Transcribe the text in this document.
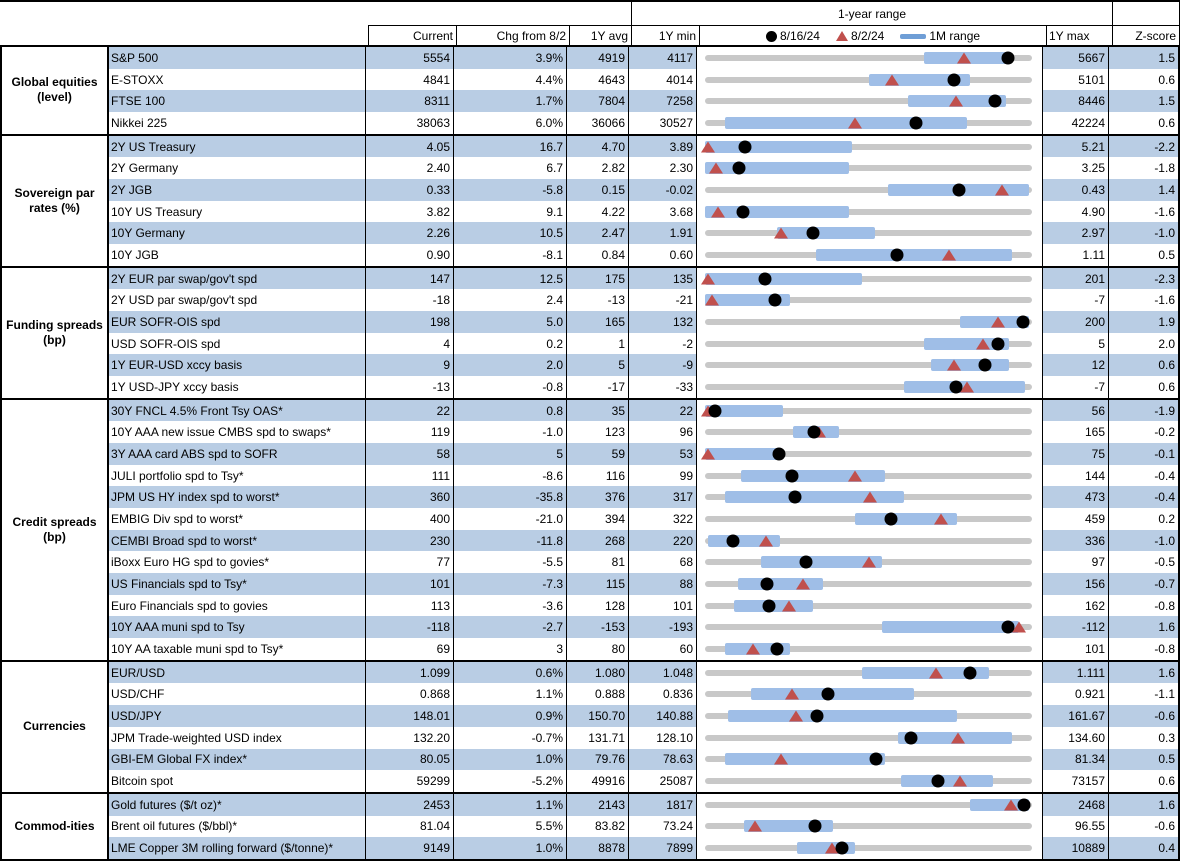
1-year range
Current	Chg from 8/2 1Y avg	1Y min	8/16/24	8/2/24	1M range	1Y max	Z-score
Global equities (level)
S&P 500	5554	3.9%	4919	4117	5667	1.5
E-STOXX	4841	4.4%	4643	4014	5101	0.6
FTSE 100	8311	1.7%	7804	7258	8446	1.5
Nikkei 225	38063	6.0% 36066	30527	42224	0.6
Sovereign par rates (%)
2Y US Treasury	4.05	16.7	4.70	3.89	5.21	-2.2
2Y Germany	2.40	6.7	2.82	2.30	3.25	-1.8
2Y JGB	0.33	-5.8	0.15	-0.02	0.43	1.4
10Y US Treasury	3.82	9.1	4.22	3.68	4.90	-1.6
10Y Germany	2.26	10.5	2.47	1.91	2.97	-1.0
10Y JGB	0.90	-8.1	0.84	0.60	1.11	0.5
Funding spreads (bp)
2Y EUR par swap/gov't spd	147	12.5	175	135	201	-2.3
2Y USD par swap/gov't spd	-18	2.4	-13	-21	-7	-1.6
EUR SOFR-OIS spd	198	5.0	165	132	200	1.9
USD SOFR-OIS spd	4	0.2	1	-2	5	2.0
1Y EUR-USD xccy basis	9	2.0	5	-9	12	0.6
1Y USD-JPY xccy basis	-13	-0.8	-17	-33	-7	0.6
Credit spreads (bp)
30Y FNCL 4.5% Front Tsy OAS*	22	0.8	35	22	56	-1.9
10Y AAA new issue CMBS spd to swaps*	119	-1.0	123	96	165	-0.2
3Y AAA card ABS spd to SOFR	58	5	59	53	75	-0.1
JULI portfolio spd to Tsy*	111	-8.6	116	99	144	-0.4
JPM US HY index spd to worst*	360	-35.8	376	317	473	-0.4
EMBIG Div spd to worst*	400	-21.0	394	322	459	0.2
CEMBI Broad spd to worst*	230	-11.8	268	220	336	-1.0
iBoxx Euro HG spd to govies*	77	-5.5	81	68	97	-0.5
US Financials spd to Tsy*	101	-7.3	115	88	156	-0.7
Euro Financials spd to govies	113	-3.6	128	101	162	-0.8
10Y AAA muni spd to Tsy	-118	-2.7	-153	-193	-112	1.6
10Y AA taxable muni spd to Tsy*	69	3	80	60	101	-0.8
Currencies
EUR/USD	1.099	0.6%	1.080	1.048	1.111	1.6
USD/CHF	0.868	1.1%	0.888	0.836	0.921	-1.1
USD/JPY	148.01	0.9% 150.70	140.88	161.67	-0.6
JPM Trade-weighted USD index	132.20	-0.7% 131.71	128.10	134.60	0.3
GBI-EM Global FX index*	80.05	1.0%	79.76	78.63	81.34	0.5
Bitcoin spot	59299	-5.2% 49916	25087	73157	0.6
Commod-ities
Gold futures ($/t oz)*	2453	1.1%	2143	1817	2468	1.6
Brent oil futures ($/bbl)*	81.04	5.5%	83.82	73.24	96.55	-0.6
LME Copper 3M rolling forward ($/tonne)*	9149	1.0%	8878	7899	10889	0.4
